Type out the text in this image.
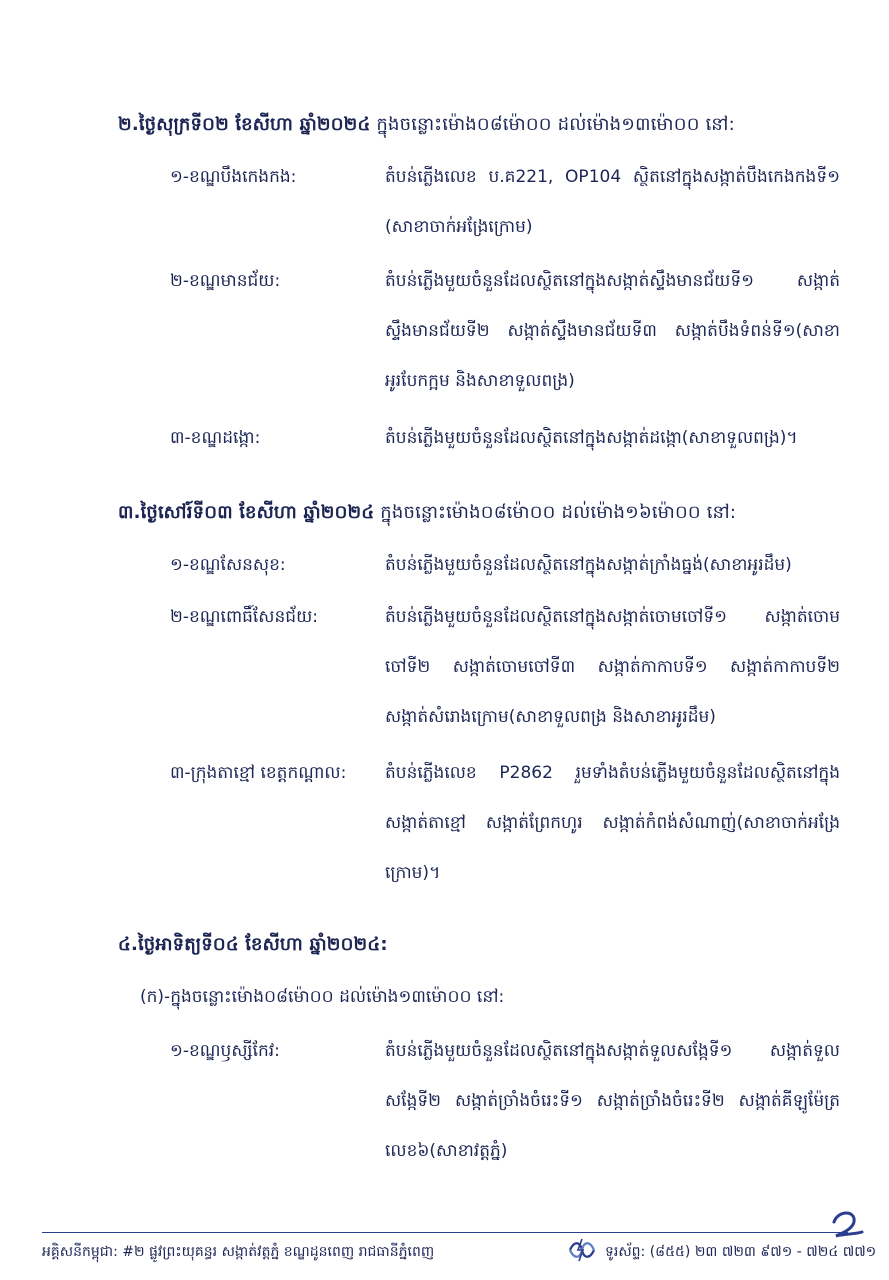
២.ថ្ងៃសុក្រទី០២ ខែសីហា ឆ្នាំ២០២៤ ក្នុងចន្លោះម៉ោង០៨ម៉ោ០០ ដល់ម៉ោង១៣ម៉ោ០០ នៅ:
១-ខណ្ឌបឹងកេងកង:	តំបន់ភ្លើងលេខ ប.គ221, OP104 ស្ថិតនៅក្នុងសង្កាត់បឹងកេងកងទី១
(សាខាចាក់អង្រែក្រោម)
២-ខណ្ឌមានជ័យ:	តំបន់ភ្លើងមួយចំនួនដែលស្ថិតនៅក្នុងសង្កាត់ស្ទឹងមានជ័យទី១ សង្កាត់
ស្ទឹងមានជ័យទី២ សង្កាត់ស្ទឹងមានជ័យទី៣ សង្កាត់បឹងទំពន់ទី១(សាខា
អូរបែកក្អម និងសាខាទួលពង្រ)
៣-ខណ្ឌដង្កោ:	តំបន់ភ្លើងមួយចំនួនដែលស្ថិតនៅក្នុងសង្កាត់ដង្កោ(សាខាទួលពង្រ)។
៣.ថ្ងៃសៅរ៍ទី០៣ ខែសីហា ឆ្នាំ២០២៤ ក្នុងចន្លោះម៉ោង០៨ម៉ោ០០ ដល់ម៉ោង១៦ម៉ោ០០ នៅ:
១-ខណ្ឌសែនសុខ:	តំបន់ភ្លើងមួយចំនួនដែលស្ថិតនៅក្នុងសង្កាត់ក្រាំងធ្នង់(សាខាអូរដឹម)
២-ខណ្ឌពោធិ៍សែនជ័យ:	តំបន់ភ្លើងមួយចំនួនដែលស្ថិតនៅក្នុងសង្កាត់ចោមចៅទី១ សង្កាត់ចោម
ចៅទី២ សង្កាត់ចោមចៅទី៣ សង្កាត់កាកាបទី១ សង្កាត់កាកាបទី២
សង្កាត់សំរោងក្រោម(សាខាទួលពង្រ និងសាខាអូរដឹម)
៣-ក្រុងតាខ្មៅ ខេត្តកណ្តាល: តំបន់ភ្លើងលេខ P2862 រួមទាំងតំបន់ភ្លើងមួយចំនួនដែលស្ថិតនៅក្នុង
សង្កាត់តាខ្មៅ សង្កាត់ព្រែកហូរ សង្កាត់កំពង់សំណាញ់(សាខាចាក់អង្រែ
ក្រោម)។
៤.ថ្ងៃអាទិត្យទី០៤ ខែសីហា ឆ្នាំ២០២៤:
(ក)-ក្នុងចន្លោះម៉ោង០៨ម៉ោ០០ ដល់ម៉ោង១៣ម៉ោ០០ នៅ:
១-ខណ្ឌឫស្សីកែវ:	តំបន់ភ្លើងមួយចំនួនដែលស្ថិតនៅក្នុងសង្កាត់ទួលសង្កែទី១ សង្កាត់ទួល
សង្កែទី២ សង្កាត់ច្រាំងចំរេះទី១ សង្កាត់ច្រាំងចំរេះទី២ សង្កាត់គីឡូម៉ែត្រ
លេខ៦(សាខាវត្តភ្នំ)
អគ្គិសនីកម្ពុជា: #២ ផ្លូវព្រះយុគន្ធរ សង្កាត់វត្តភ្នំ ខណ្ឌដូនពេញ រាជធានីភ្នំពេញ	ទូរស័ព្ទ: (៨៥៥) ២៣ ៧២៣ ៩៧១ - ៧២៤ ៧៧១
